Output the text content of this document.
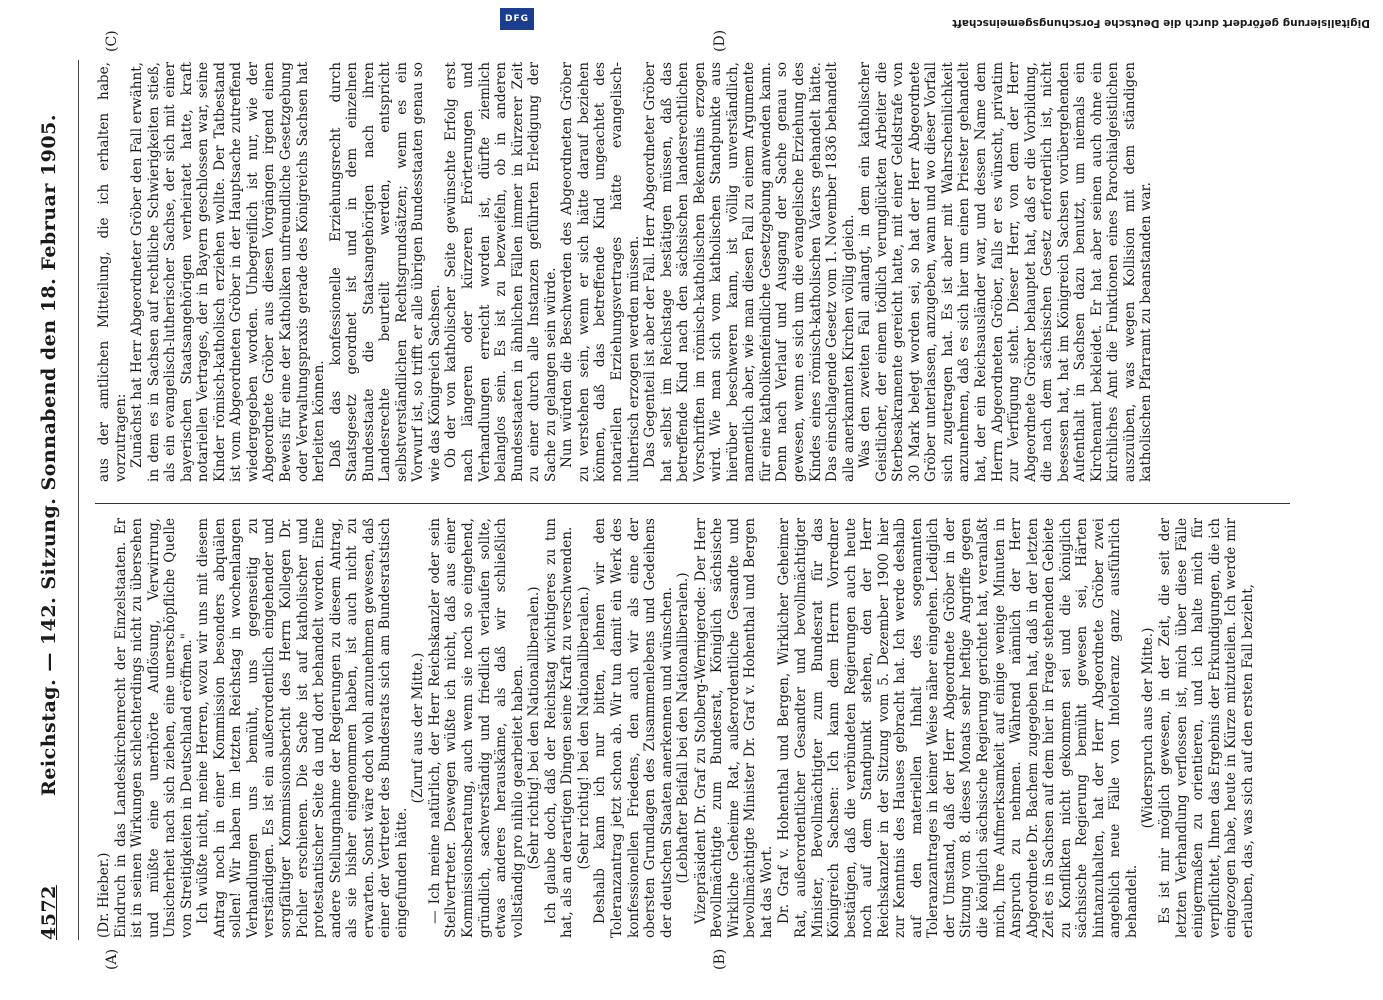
4572
Reichstag. — 142. Sitzung. Sonnabend den 18. Februar 1905.
(A)	(B)
(C)	(D)

(Dr. Hieber.) Eindruch in das Landeskirchenrecht der Einzelstaaten. Er ist in seinen Wirkungen schlechterdings nicht zu übersehen und müßte eine unerhörte Auflösung, Verwirrung, Unsicherheit nach sich ziehen, eine unerschöpfliche Quelle von Streitigkeiten in Deutschland eröffnen." Ich wüßte nicht, meine Herren, wozu wir uns mit diesem Antrag noch in einer Kommission besonders abquälen sollen! Wir haben im letzten Reichstag in wochenlangen Verhandlungen uns bemüht, uns gegenseitig zu verständigen. Es ist ein außerordentlich eingehender und sorgfältiger Kommissionsbericht des Herrn Kollegen Dr. Pichler erschienen. Die Sache ist auf katholischer und protestantischer Seite da und dort behandelt worden. Eine andere Stellungnahme der Regierungen zu diesem Antrag, als sie bisher eingenommen haben, ist auch nicht zu erwarten. Sonst wäre doch wohl anzunehmen gewesen, daß einer der Vertreter des Bundesrats sich am Bundesratstisch eingefunden hätte.

(Zuruf aus der Mitte.) — Ich meine natürlich, der Herr Reichskanzler oder sein Stellvertreter. Deswegen wüßte ich nicht, daß aus einer Kommissionsberatung, auch wenn sie noch so eingehend, gründlich, sachverständig und friedlich verlaufen sollte, etwas anderes herauskäme, als daß wir schließlich vollständig pro nihilo gearbeitet haben. (Sehr richtig! bei den Nationalliberalen.) Ich glaube doch, daß der Reichstag wichtigeres zu tun hat, als an derartigen Dingen seine Kraft zu verschwenden. (Sehr richtig! bei den Nationalliberalen.) Deshalb kann ich nur bitten, lehnen wir den Toleranzantrag jetzt schon ab. Wir tun damit ein Werk des konfessionellen Friedens, den auch wir als eine der obersten Grundlagen des Zusammenlebens und Gedeihens der deutschen Staaten anerkennen und wünschen. (Lebhafter Beifall bei den Nationalliberalen.) Vizepräsident Dr. Graf zu Stolberg-Wernigerode: Der Herr Bevollmächtigte zum Bundesrat, Königlich sächsische Wirkliche Geheime Rat, außerordentliche Gesandte und bevollmächtigte Minister Dr. Graf v. Hohenthal und Bergen hat das Wort. Dr. Graf v. Hohenthal und Bergen, Wirklicher Geheimer Rat, außerordentlicher Gesandter und bevollmächtigter Minister, Bevollmächtigter zum Bundesrat für das Königreich Sachsen: Ich kann dem Herrn Vorredner bestätigen, daß die verbündeten Regierungen auch heute noch auf dem Standpunkt stehen, den der Herr Reichskanzler in der Sitzung vom 5. Dezember 1900 hier zur Kenntnis des Hauses gebracht hat. Ich werde deshalb auf den materiellen Inhalt des sogenannten Toleranzantrages in keiner Weise näher eingehen. Lediglich der Umstand, daß der Herr Abgeordnete Gröber in der Sitzung vom 8. dieses Monats sehr heftige Angriffe gegen die königlich sächsische Regierung gerichtet hat, veranlaßt mich, Ihre Aufmerksamkeit auf einige wenige Minuten in Anspruch zu nehmen. Während nämlich der Herr Abgeordnete Dr. Bachem zugegeben hat, daß in der letzten Zeit es in Sachsen auf dem hier in Frage stehenden Gebiete zu Konflikten nicht gekommen sei und die königlich sächsische Regierung bemüht gewesen sei, Härten hintanzuhalten, hat der Herr Abgeordnete Gröber zwei angeblich neue Fälle von Intoleranz ganz ausführlich behandelt.

(Widerspruch aus der Mitte.) Es ist mir möglich gewesen, in der Zeit, die seit der letzten Verhandlung verflossen ist, mich über diese Fälle einigermaßen zu orientieren, und ich halte mich für verpflichtet, Ihnen das Ergebnis der Erkundigungen, die ich eingezogen habe, heute in Kürze mitzuteilen. Ich werde mir erlauben, das, was sich auf den ersten Fall bezieht,

aus der amtlichen Mitteilung, die ich erhalten habe, vorzutragen: Zunächst hat Herr Abgeordneter Gröber den Fall erwähnt, in dem es in Sachsen auf rechtliche Schwierigkeiten stieß, als ein evangelisch-lutherischer Sachse, der sich mit einer bayerischen Staatsangehörigen verheiratet hatte, kraft notariellen Vertrages, der in Bayern geschlossen war, seine Kinder römisch-katholisch erziehen wollte. Der Tatbestand ist vom Abgeordneten Gröber in der Hauptsache zutreffend wiedergegeben worden. Unbegreiflich ist nur, wie der Abgeordnete Gröber aus diesen Vorgängen irgend einen Beweis für eine der Katholiken unfreundliche Gesetzgebung oder Verwaltungspraxis gerade des Königreichs Sachsen hat herleiten können. Daß das konfessionelle Erziehungsrecht durch Staatsgesetz geordnet ist und in dem einzelnen Bundesstaate die Staatsangehörigen nach ihren Landesrechte beurteilt werden, entspricht selbstverständlichen Rechtsgrundsätzen; wenn es ein Vorwurf ist, so trifft er alle übrigen Bundesstaaten genau so wie das Königreich Sachsen. Ob der von katholischer Seite gewünschte Erfolg erst nach längeren oder kürzeren Erörterungen und Verhandlungen erreicht worden ist, dürfte ziemlich belanglos sein. Es ist zu bezweifeln, ob in anderen Bundesstaaten in ähnlichen Fällen immer in kürzerer Zeit zu einer durch alle Instanzen geführten Erledigung der Sache zu gelangen sein würde. Nun würden die Beschwerden des Abgeordneten Gröber zu verstehen sein, wenn er sich hätte darauf beziehen können, daß das betreffende Kind ungeachtet des notariellen Erziehungsvertrages hätte evangelisch-lutherisch erzogen werden müssen. Das Gegenteil ist aber der Fall. Herr Abgeordneter Gröber hat selbst im Reichstage bestätigen müssen, daß das betreffende Kind nach den sächsischen landesrechtlichen Vorschriften im römisch-katholischen Bekenntnis erzogen wird. Wie man sich vom katholischen Standpunkte aus hierüber beschweren kann, ist völlig unverständlich, namentlich aber, wie man diesen Fall zu einem Argumente für eine katholikenfeindliche Gesetzgebung anwenden kann. Denn nach Verlauf und Ausgang der Sache genau so gewesen, wenn es sich um die evangelische Erziehung des Kindes eines römisch-katholischen Vaters gehandelt hätte. Das einschlagende Gesetz vom 1. November 1836 behandelt alle anerkannten Kirchen völlig gleich. Was den zweiten Fall anlangt, in dem ein katholischer Geistlicher, der einem tödlich verunglückten Arbeiter die Sterbesakramente gereicht hatte, mit einer Geldstrafe von 30 Mark belegt worden sei, so hat der Herr Abgeordnete Gröber unterlassen, anzugeben, wann und wo dieser Vorfall sich zugetragen hat. Es ist aber mit Wahrscheinlichkeit anzunehmen, daß es sich hier um einen Priester gehandelt hat, der ein Reichsausländer war, und dessen Name dem Herrn Abgeordneten Gröber, falls er es wünscht, privatim zur Verfügung steht. Dieser Herr, von dem der Herr Abgeordnete Gröber behauptet hat, daß er die Vorbildung, die nach dem sächsischen Gesetz erforderlich ist, nicht besessen hat, hat im Königreich Sachsen vorübergehenden Aufenthalt in Sachsen dazu benutzt, um niemals ein Kirchenamt bekleidet. Er hat aber seinen auch ohne ein kirchliches Amt die Funktionen eines Parochialgeistlichen auszuüben, was wegen Kollision mit dem ständigen katholischen Pfarramt zu beanstanden war.

Digitalisierung gefördert durch die Deutsche Forschungsgemeinschaft
DFG
